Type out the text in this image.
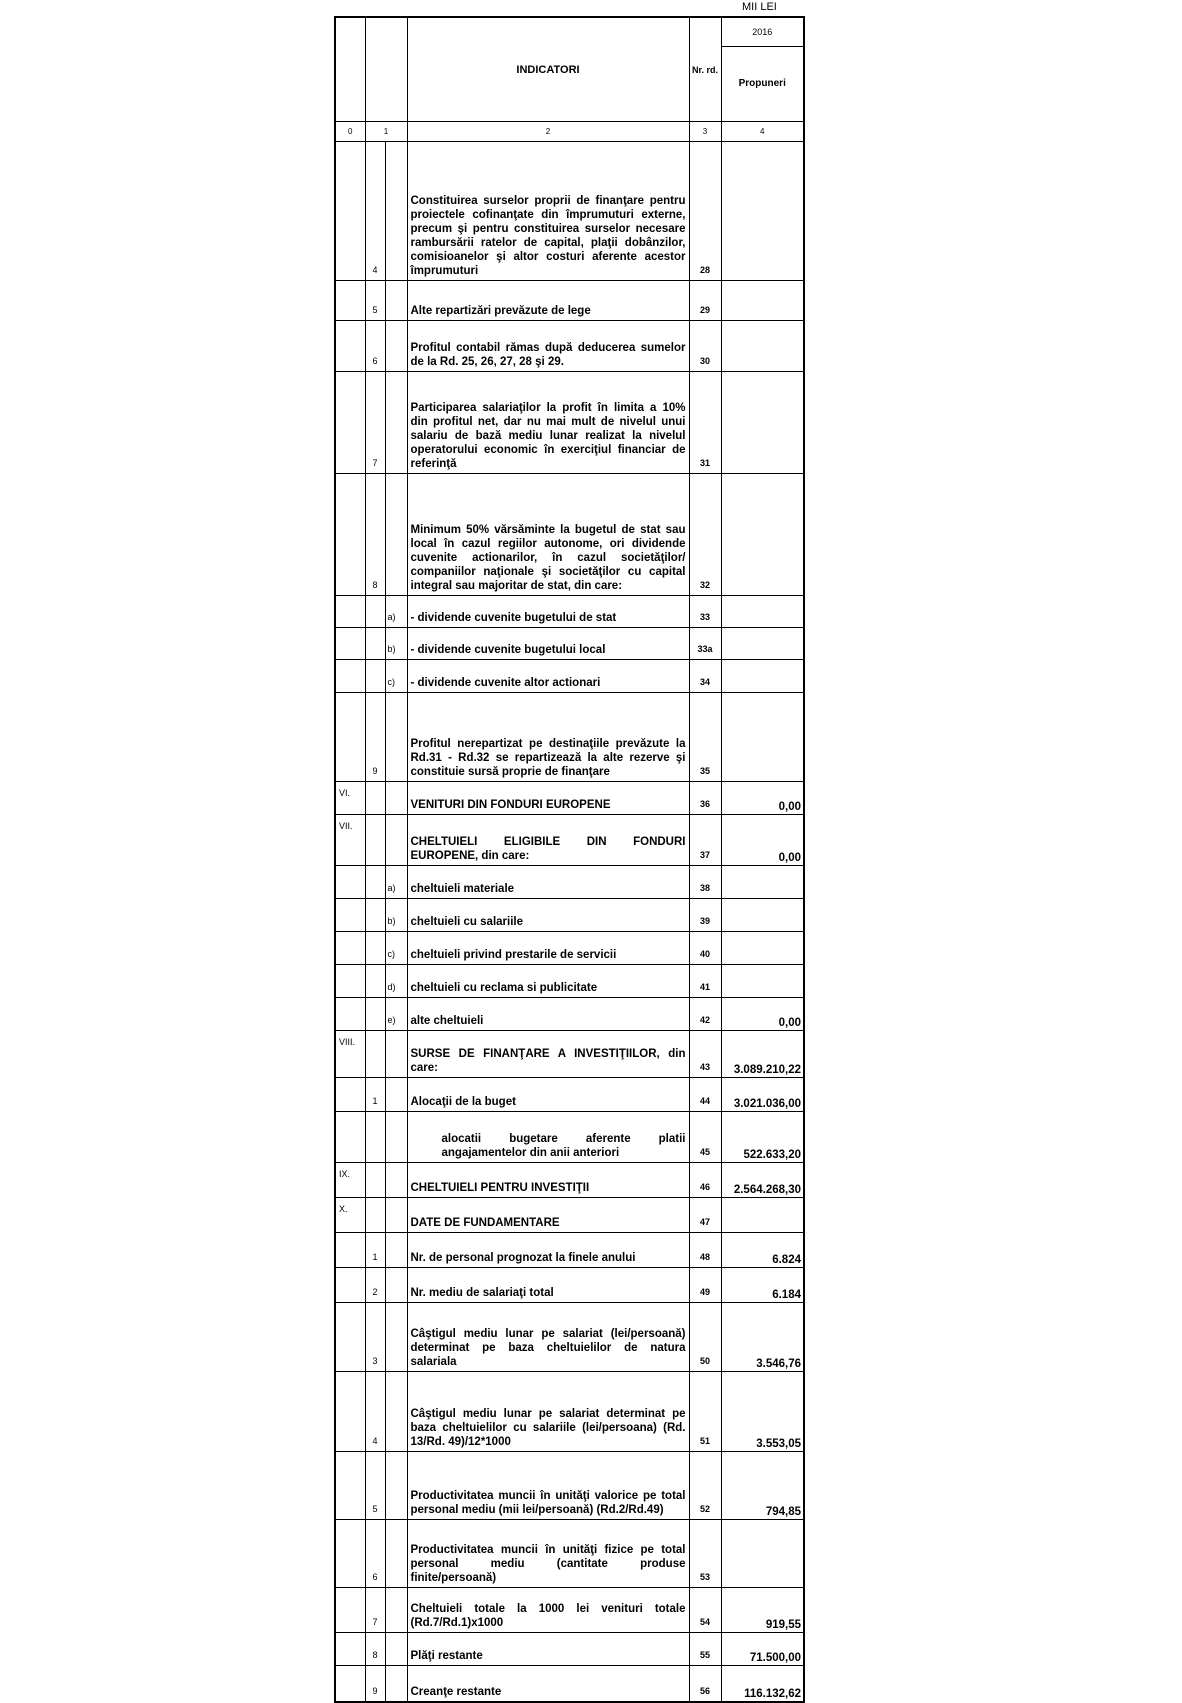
MII LEI
			INDICATORI	Nr. rd.	2016
					Propuneri
0	1		2	3	4
	4		Constituirea surselor proprii de finanţare pentru proiectele cofinanţate din împrumuturi externe, precum şi pentru constituirea surselor necesare rambursării ratelor de capital, plaţii dobânzilor, comisioanelor şi altor costuri aferente acestor împrumuturi	28	
	5		Alte repartizări prevăzute de lege	29	
	6		Profitul contabil rămas după deducerea sumelor de la Rd. 25, 26, 27, 28 şi 29.	30	
	7		Participarea salariaţilor la profit în limita a 10% din profitul net, dar nu mai mult de nivelul unui salariu de bază mediu lunar realizat la nivelul operatorului economic în exerciţiul financiar de referinţă	31	
	8		Minimum 50% vărsăminte la bugetul de stat sau local în cazul regiilor autonome, ori dividende cuvenite actionarilor, în cazul societăţilor/ companiilor naţionale şi societăţilor cu capital integral sau majoritar de stat, din care:	32	
		a)	- dividende cuvenite bugetului de stat	33	
		b)	- dividende cuvenite bugetului local	33a	
		c)	- dividende cuvenite altor actionari	34	
	9		Profitul nerepartizat pe destinaţiile prevăzute la Rd.31 - Rd.32 se repartizează la alte rezerve şi constituie sursă proprie de finanţare	35	
VI.			VENITURI DIN FONDURI EUROPENE	36	0,00
VII.			CHELTUIELI ELIGIBILE DIN FONDURI EUROPENE, din care:	37	0,00
		a)	cheltuieli materiale	38	
		b)	cheltuieli cu salariile	39	
		c)	cheltuieli privind prestarile de servicii	40	
		d)	cheltuieli cu reclama si publicitate	41	
		e)	alte cheltuieli	42	0,00
VIII.			SURSE DE FINANŢARE A INVESTIŢIILOR, din care:	43	3.089.210,22
	1		Alocaţii de la buget	44	3.021.036,00
			alocatii bugetare aferente platii angajamentelor din anii anteriori	45	522.633,20
IX.			CHELTUIELI PENTRU INVESTIŢII	46	2.564.268,30
X.			DATE DE FUNDAMENTARE	47	
	1		Nr. de personal prognozat la finele anului	48	6.824
	2		Nr. mediu de salariaţi total	49	6.184
	3		Câştigul mediu lunar pe salariat (lei/persoană) determinat pe baza cheltuielilor de natura salariala	50	3.546,76
	4		Câştigul mediu lunar pe salariat determinat pe baza cheltuielilor cu salariile (lei/persoana) (Rd. 13/Rd. 49)/12*1000	51	3.553,05
	5		Productivitatea muncii în unităţi valorice pe total personal mediu (mii lei/persoană) (Rd.2/Rd.49)	52	794,85
	6		Productivitatea muncii în unităţi fizice pe total personal mediu (cantitate produse finite/persoană)	53	
	7		Cheltuieli totale la 1000 lei venituri totale (Rd.7/Rd.1)x1000	54	919,55
	8		Plăţi restante	55	71.500,00
	9		Creanţe restante	56	116.132,62
